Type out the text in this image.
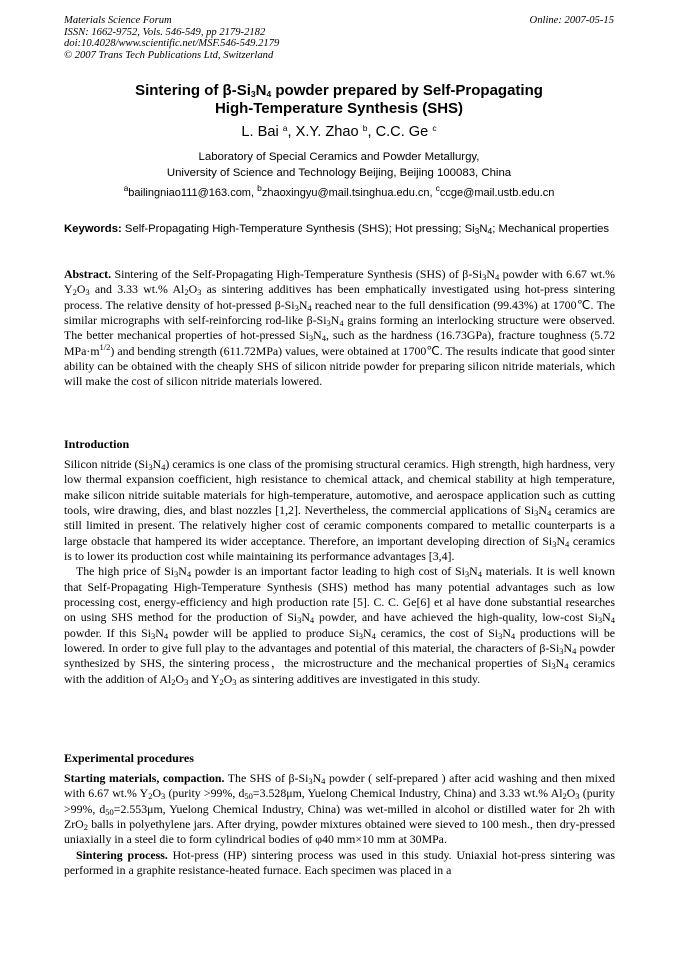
Materials Science Forum
ISSN: 1662-9752, Vols. 546-549, pp 2179-2182
doi:10.4028/www.scientific.net/MSF.546-549.2179
© 2007 Trans Tech Publications Ltd, Switzerland
Online: 2007-05-15
Sintering of $\beta-Si_3N_4$ powder prepared by Self-Propagating
High-Temperature Synthesis (SHS)
L. Bai $^a$, X.Y. Zhao $^b$, C.C. Ge $^c$
Laboratory of Special Ceramics and Powder Metallurgy,
University of Science and Technology Beijing, Beijing 100083, China
$^a$bailingniao111@163.com, $^b$zhaoxingyu@mail.tsinghua.edu.cn, $^c$ccge@mail.ustb.edu.cn
Keywords: Self-Propagating High-Temperature Synthesis (SHS); Hot pressing; $Si_3N_4$; Mechanical properties

Abstract. Sintering of the Self-Propagating High-Temperature Synthesis (SHS) of $\beta-Si_3N_4$ powder with 6.67 wt.% $Y_2O_3$ and 3.33 wt.% $Al_2O_3$ as sintering additives has been emphatically investigated using hot-press sintering process. The relative density of hot-pressed $\beta-Si_3N_4$ reached near to the full densification (99.43%) at 1700℃. The similar micrographs with self-reinforcing rod-like $\beta-Si_3N_4$ grains forming an interlocking structure were observed. The better mechanical properties of hot-pressed $Si_3N_4$, such as the hardness (16.73GPa), fracture toughness (5.72 $MPa\cdot m^{1/2}$) and bending strength (611.72MPa) values, were obtained at 1700℃. The results indicate that good sinter ability can be obtained with the cheaply SHS of silicon nitride powder for preparing silicon nitride materials, which will make the cost of silicon nitride materials lowered.

Introduction

Silicon nitride $(Si_3N_4)$ ceramics is one class of the promising structural ceramics. High strength, high hardness, very low thermal expansion coefficient, high resistance to chemical attack, and chemical stability at high temperature, make silicon nitride suitable materials for high-temperature, automotive, and aerospace application such as cutting tools, wire drawing, dies, and blast nozzles [1,2]. Nevertheless, the commercial applications of $Si_3N_4$ ceramics are still limited in present. The relatively higher cost of ceramic components compared to metallic counterparts is a large obstacle that hampered its wider acceptance. Therefore, an important developing direction of $Si_3N_4$ ceramics is to lower its production cost while maintaining its performance advantages [3,4].

The high price of $Si_3N_4$ powder is an important factor leading to high cost of $Si_3N_4$ materials. It is well known that Self-Propagating High-Temperature Synthesis (SHS) method has many potential advantages such as low processing cost, energy-efficiency and high production rate [5]. C. C. Ge[6] et al have done substantial researches on using SHS method for the production of $Si_3N_4$ powder, and have achieved the high-quality, low-cost $Si_3N_4$ powder. If this $Si_3N_4$ powder will be applied to produce $Si_3N_4$ ceramics, the cost of $Si_3N_4$ productions will be lowered. In order to give full play to the advantages and potential of this material, the characters of $\beta-Si_3N_4$ powder synthesized by SHS, the sintering process，the microstructure and the mechanical properties of $Si_3N_4$ ceramics with the addition of $Al_2O_3$ and $Y_2O_3$ as sintering additives are investigated in this study.

Experimental procedures

Starting materials, compaction. The SHS of $\beta-Si_3N_4$ powder ( self-prepared ) after acid washing and then mixed with 6.67 wt.% $Y_2O_3$ (purity >99%, $d_{50}=3.528\mu m$, Yuelong Chemical Industry, China) and 3.33 wt.% $Al_2O_3$ (purity >99%, $d_{50}=2.553\mu m$, Yuelong Chemical Industry, China) was wet-milled in alcohol or distilled water for 2h with ZrO$_2$ balls in polyethylene jars. After drying, powder mixtures obtained were sieved to 100 mesh., then dry-pressed uniaxially in a steel die to form cylindrical bodies of φ40 mm×10 mm at 30MPa.

Sintering process. Hot-press (HP) sintering process was used in this study. Uniaxial hot-press sintering was performed in a graphite resistance-heated furnace. Each specimen was placed in a
